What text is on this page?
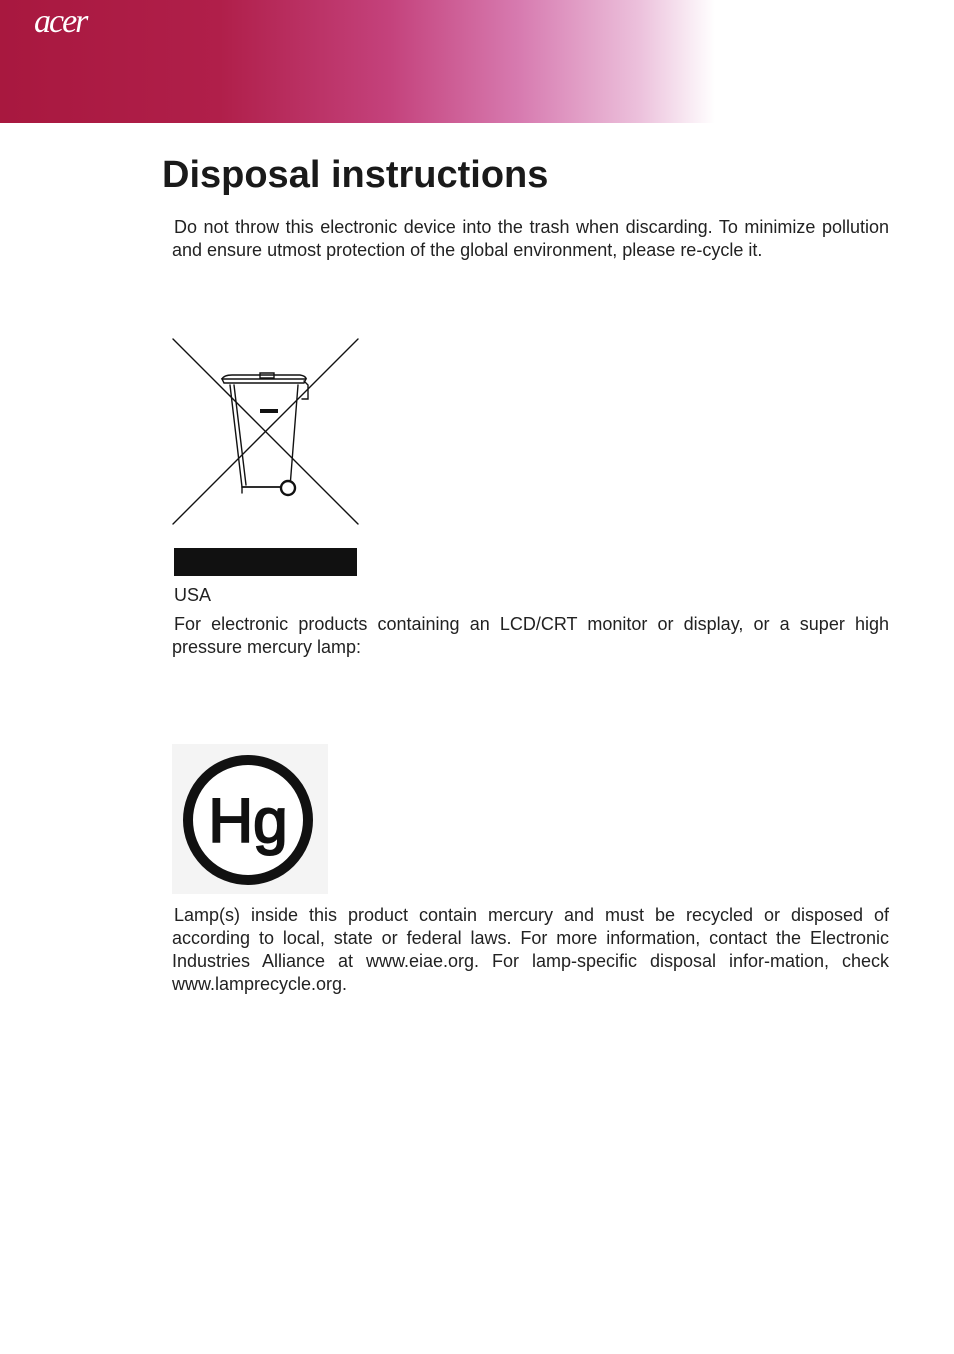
acer
Disposal instructions

Do not throw this electronic device into the trash when discarding. To minimize pollution and ensure utmost protection of the global environment, please re-cycle it.

USA

For electronic products containing an LCD/CRT monitor or display, or a super high pressure mercury lamp:

Hg

Lamp(s) inside this product contain mercury and must be recycled or disposed of according to local, state or federal laws. For more information, contact the Electronic Industries Alliance at www.eiae.org. For lamp-specific disposal infor-mation, check www.lamprecycle.org.
